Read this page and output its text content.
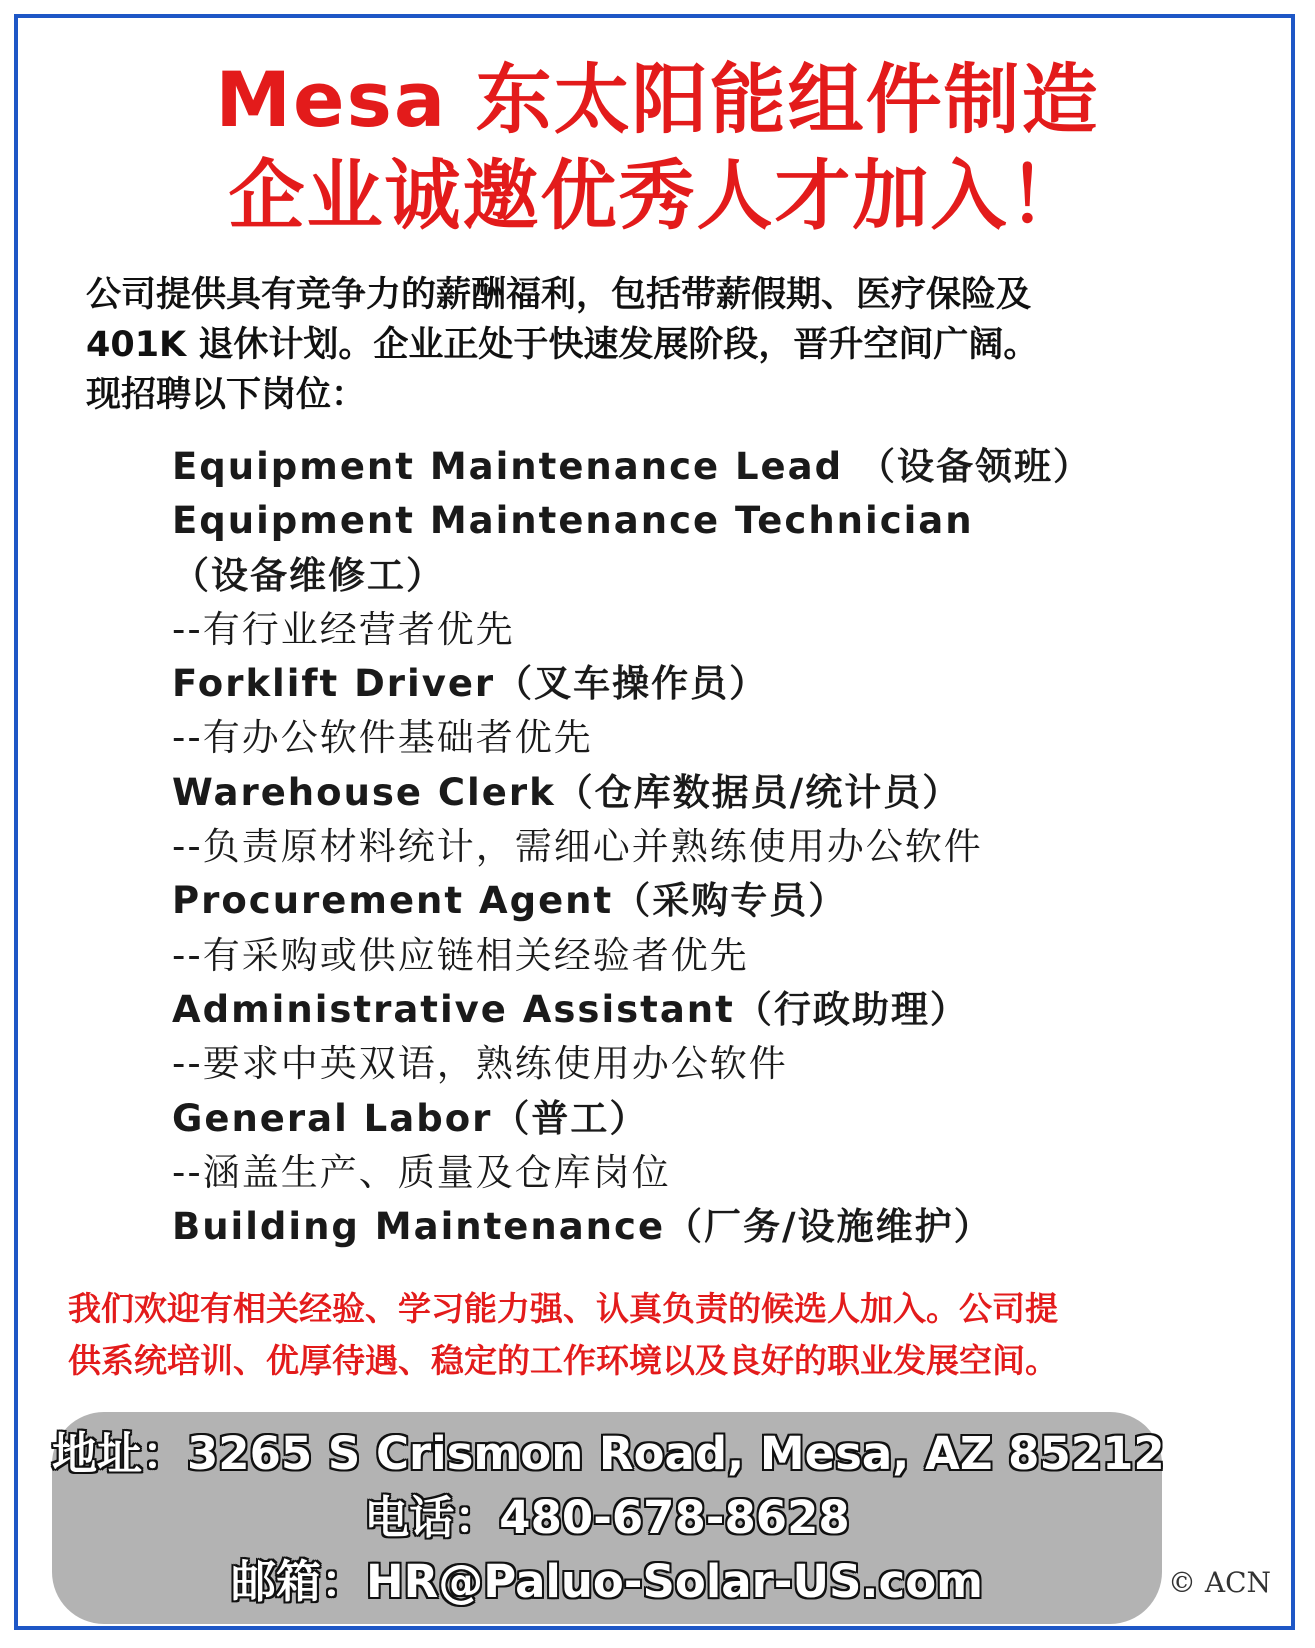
Mesa 东太阳能组件制造
企业诚邀优秀人才加入！
公司提供具有竞争力的薪酬福利，包括带薪假期、医疗保险及
401K 退休计划。企业正处于快速发展阶段，晋升空间广阔。
现招聘以下岗位：
Equipment Maintenance Lead （设备领班）
Equipment Maintenance Technician
（设备维修工）
--有行业经营者优先
Forklift Driver（叉车操作员）
--有办公软件基础者优先
Warehouse Clerk（仓库数据员/统计员）
--负责原材料统计，需细心并熟练使用办公软件
Procurement Agent（采购专员）
--有采购或供应链相关经验者优先
Administrative Assistant（行政助理）
--要求中英双语，熟练使用办公软件
General Labor（普工）
--涵盖生产、质量及仓库岗位
Building Maintenance（厂务/设施维护）
我们欢迎有相关经验、学习能力强、认真负责的候选人加入。公司提
供系统培训、优厚待遇、稳定的工作环境以及良好的职业发展空间。
地址：3265 S Crismon Road, Mesa, AZ 85212
电话：480-678-8628
邮箱：HR@Paluo-Solar-US.com	© ACN
